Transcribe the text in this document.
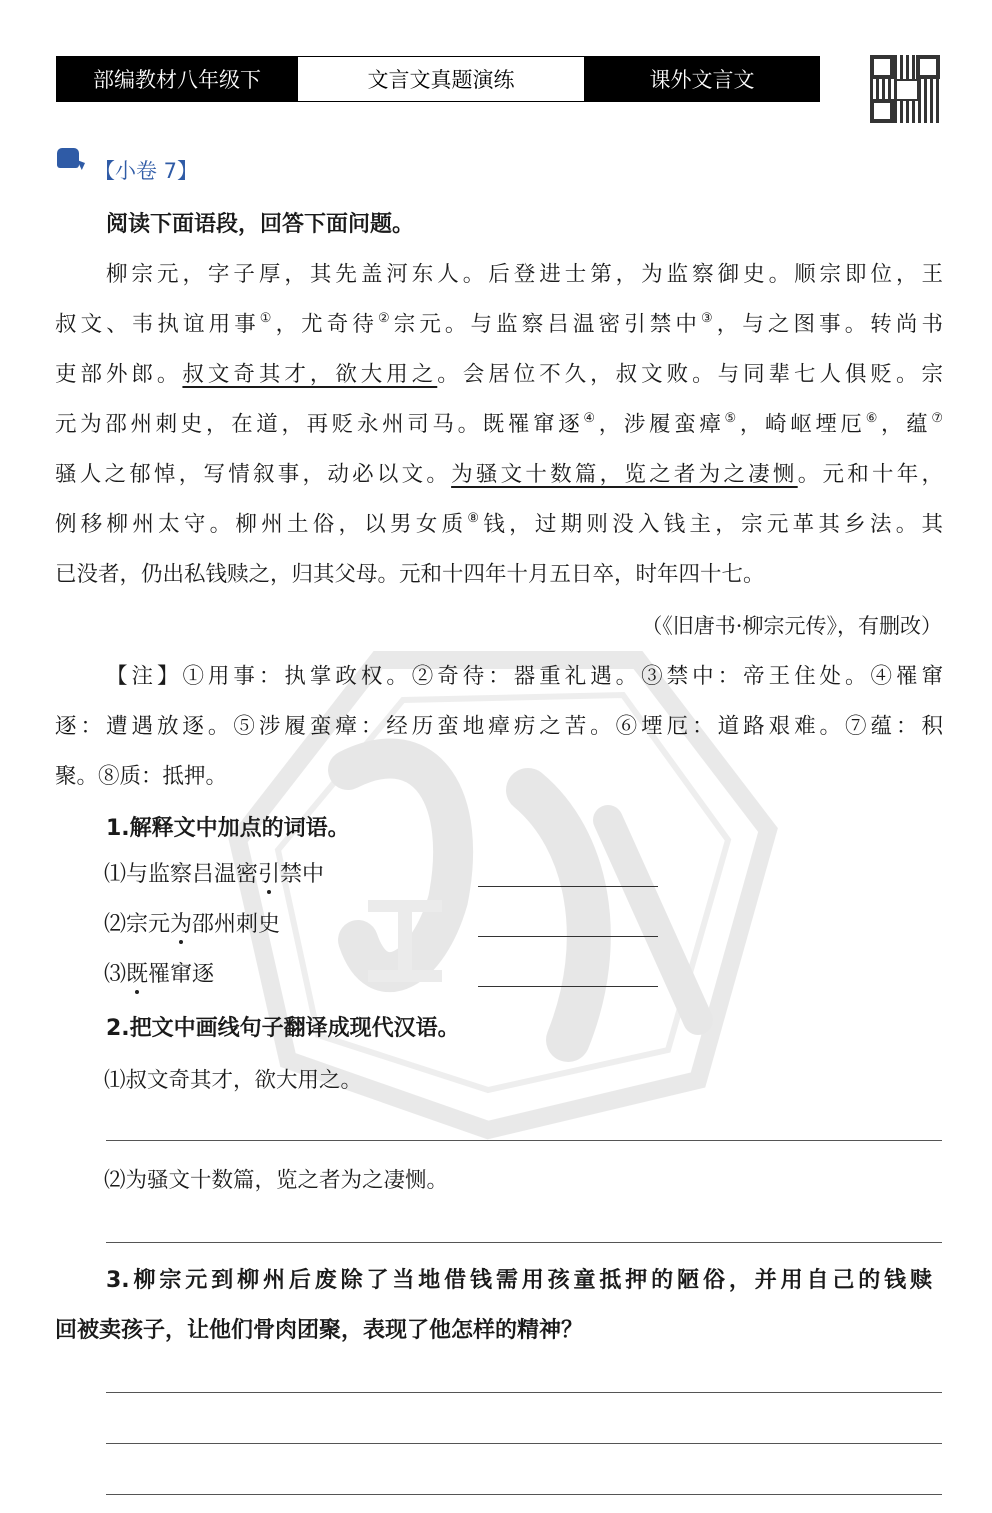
部编教材八年级下	文言文真题演练	课外文言文
【小卷 7】
阅读下面语段，回答下面问题。
柳宗元，字子厚，其先盖河东人。后登进士第，为监察御史。顺宗即位，王
叔文、韦执谊用事①，尤奇待②宗元。与监察吕温密引禁中③，与之图事。转尚书
吏部外郎。叔文奇其才，欲大用之。会居位不久，叔文败。与同辈七人俱贬。宗
元为邵州刺史，在道，再贬永州司马。既罹窜逐④，涉履蛮瘴⑤，崎岖堙厄⑥，蕴⑦
骚人之郁悼，写情叙事，动必以文。为骚文十数篇，览之者为之凄恻。元和十年，
例移柳州太守。柳州土俗，以男女质⑧钱，过期则没入钱主，宗元革其乡法。其
已没者，仍出私钱赎之，归其父母。元和十四年十月五日卒，时年四十七。
（《旧唐书·柳宗元传》，有删改）
【注】①用事：执掌政权。②奇待：器重礼遇。③禁中：帝王住处。④罹窜
逐：遭遇放逐。⑤涉履蛮瘴：经历蛮地瘴疠之苦。⑥堙厄：道路艰难。⑦蕴：积
聚。⑧质：抵押。
1.解释文中加点的词语。
⑴与监察吕温密引禁中
⑵宗元为邵州刺史
⑶既罹窜逐
2.把文中画线句子翻译成现代汉语。
⑴叔文奇其才，欲大用之。
⑵为骚文十数篇，览之者为之凄恻。
3.柳宗元到柳州后废除了当地借钱需用孩童抵押的陋俗，并用自己的钱赎
回被卖孩子，让他们骨肉团聚，表现了他怎样的精神？
